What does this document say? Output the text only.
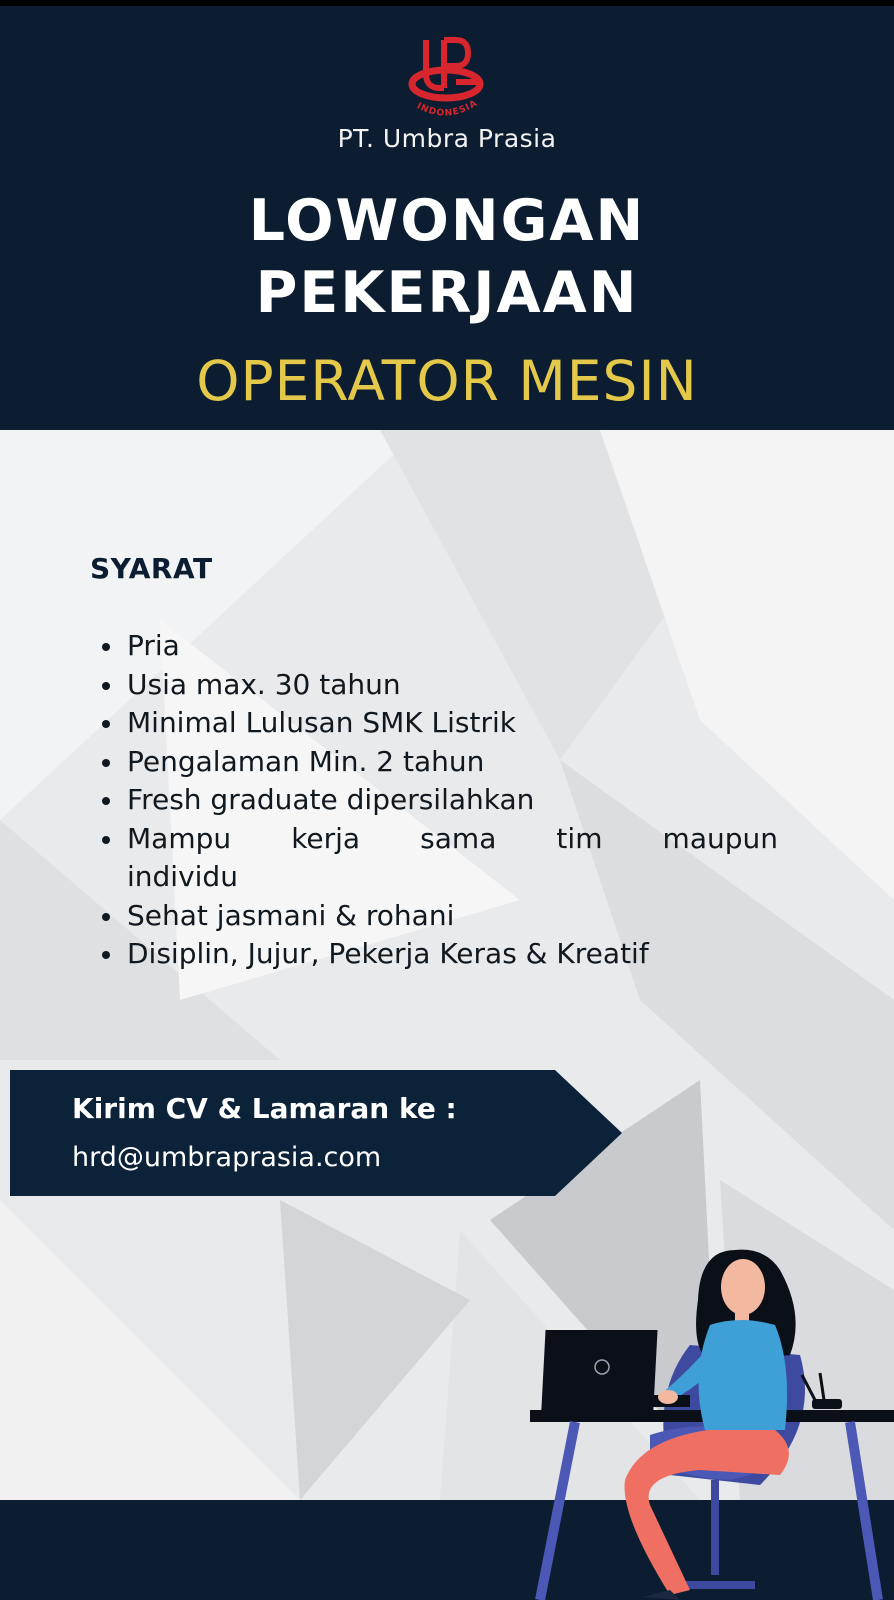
INDONESIA
PT. Umbra Prasia
LOWONGAN
PEKERJAAN
OPERATOR MESIN
SYARAT
Pria
Usia max. 30 tahun
Minimal Lulusan SMK Listrik
Pengalaman Min. 2 tahun
Fresh graduate dipersilahkan
Mampu kerja sama tim maupun individu
Sehat jasmani & rohani
Disiplin, Jujur, Pekerja Keras & Kreatif
Kirim CV & Lamaran ke :
hrd@umbraprasia.com
